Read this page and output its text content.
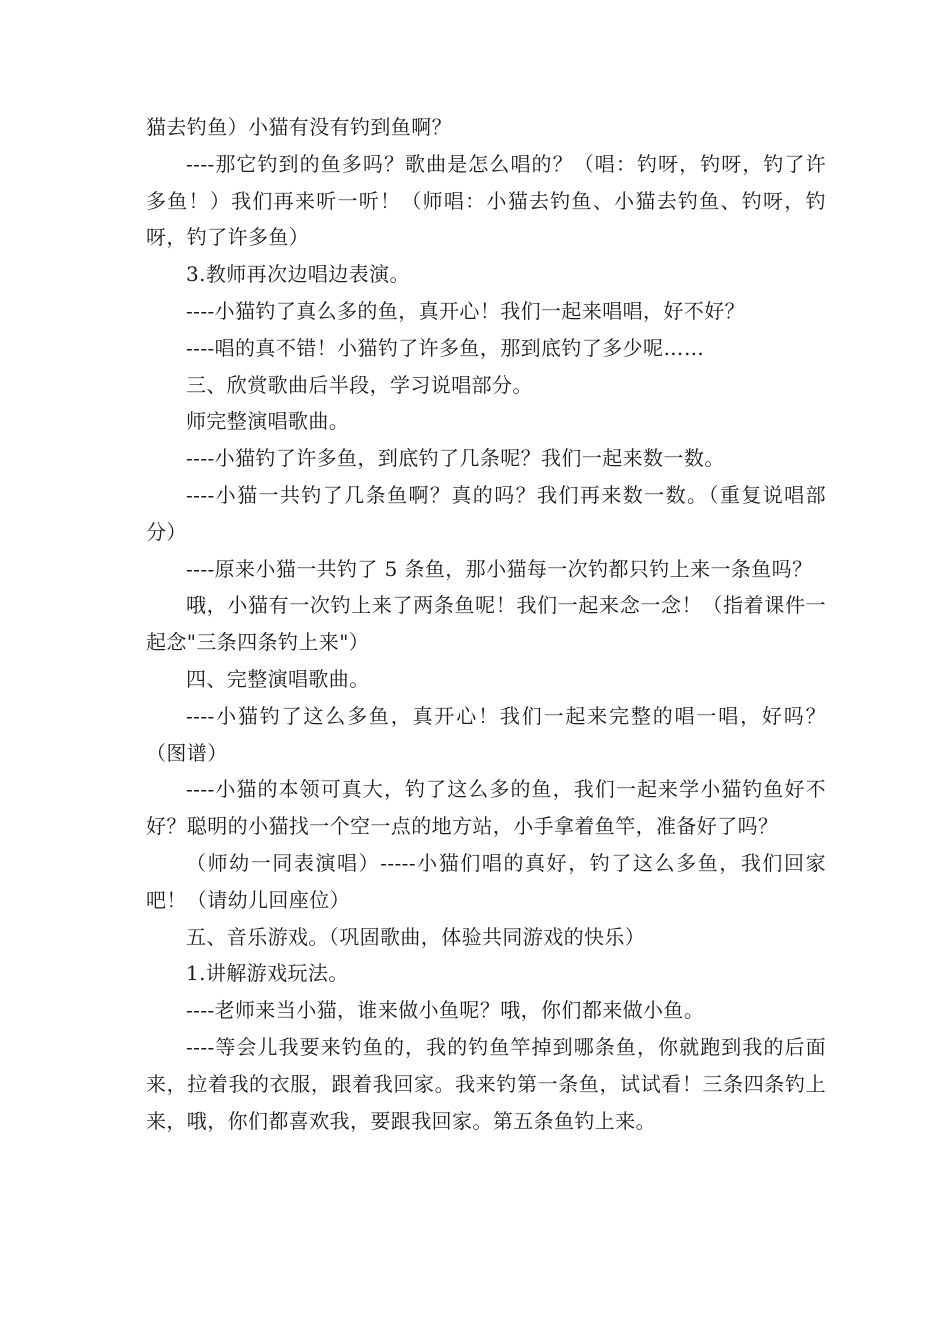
猫去钓鱼）小猫有没有钓到鱼啊？

----那它钓到的鱼多吗？歌曲是怎么唱的？（唱：钓呀，钓呀，钓了许多鱼！）我们再来听一听！（师唱：小猫去钓鱼、小猫去钓鱼、钓呀，钓呀，钓了许多鱼）

3.教师再次边唱边表演。

----小猫钓了真么多的鱼，真开心！我们一起来唱唱，好不好？

----唱的真不错！小猫钓了许多鱼，那到底钓了多少呢……

三、欣赏歌曲后半段，学习说唱部分。

师完整演唱歌曲。

----小猫钓了许多鱼，到底钓了几条呢？我们一起来数一数。

----小猫一共钓了几条鱼啊？真的吗？我们再来数一数。（重复说唱部分）

----原来小猫一共钓了 5 条鱼，那小猫每一次钓都只钓上来一条鱼吗？

哦，小猫有一次钓上来了两条鱼呢！我们一起来念一念！（指着课件一起念"三条四条钓上来"）

四、完整演唱歌曲。

----小猫钓了这么多鱼，真开心！我们一起来完整的唱一唱，好吗？（图谱）

----小猫的本领可真大，钓了这么多的鱼，我们一起来学小猫钓鱼好不好？聪明的小猫找一个空一点的地方站，小手拿着鱼竿，准备好了吗？

（师幼一同表演唱）-----小猫们唱的真好，钓了这么多鱼，我们回家吧！（请幼儿回座位）

五、音乐游戏。（巩固歌曲，体验共同游戏的快乐）

1.讲解游戏玩法。

----老师来当小猫，谁来做小鱼呢？哦，你们都来做小鱼。

----等会儿我要来钓鱼的，我的钓鱼竿掉到哪条鱼，你就跑到我的后面来，拉着我的衣服，跟着我回家。我来钓第一条鱼，试试看！三条四条钓上来，哦，你们都喜欢我，要跟我回家。第五条鱼钓上来。
